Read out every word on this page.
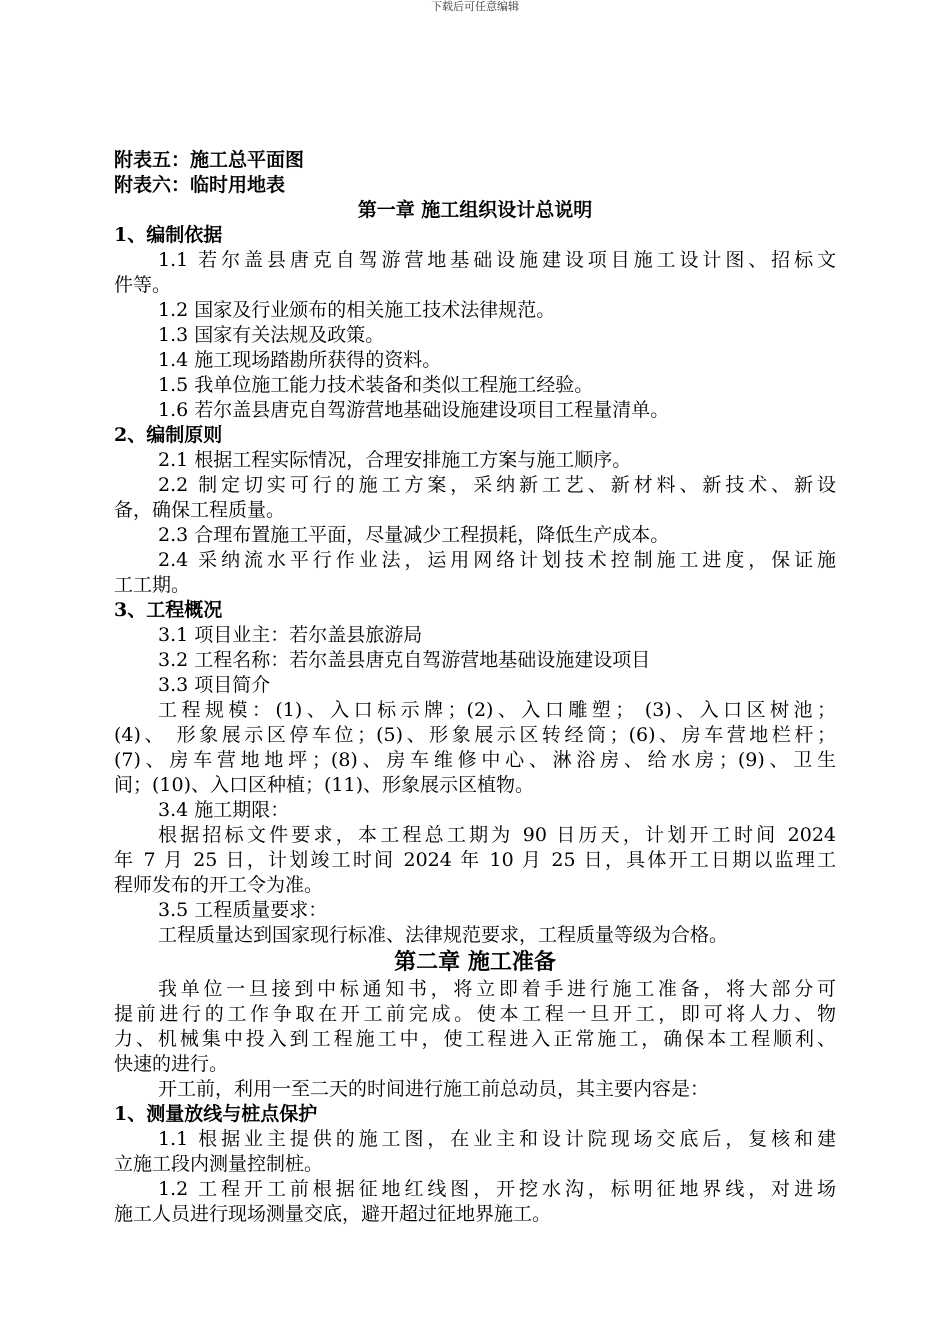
下载后可任意编辑
附表五：施工总平面图
附表六：临时用地表
第一章 施工组织设计总说明
1、编制依据
1.1 若尔盖县唐克自驾游营地基础设施建设项目施工设计图、招标文
件等。
1.2 国家及行业颁布的相关施工技术法律规范。
1.3 国家有关法规及政策。
1.4 施工现场踏勘所获得的资料。
1.5 我单位施工能力技术装备和类似工程施工经验。
1.6 若尔盖县唐克自驾游营地基础设施建设项目工程量清单。
2、编制原则
2.1 根据工程实际情况，合理安排施工方案与施工顺序。
2.2 制定切实可行的施工方案，采纳新工艺、新材料、新技术、新设
备，确保工程质量。
2.3 合理布置施工平面，尽量减少工程损耗，降低生产成本。
2.4 采纳流水平行作业法，运用网络计划技术控制施工进度，保证施
工工期。
3、工程概况
3.1 项目业主：若尔盖县旅游局
3.2 工程名称：若尔盖县唐克自驾游营地基础设施建设项目
3.3 项目简介
工程规模：(1)、入口标示牌；(2)、入口雕塑； (3)、入口区树池；
(4)、 形象展示区停车位；(5)、形象展示区转经筒；(6)、房车营地栏杆；
(7)、房车营地地坪；(8)、房车维修中心、淋浴房、给水房；(9)、卫生
间；(10)、入口区种植；(11)、形象展示区植物。
3.4 施工期限：
根据招标文件要求，本工程总工期为 90 日历天，计划开工时间 2024
年 7 月 25 日，计划竣工时间 2024 年 10 月 25 日，具体开工日期以监理工
程师发布的开工令为准。
3.5 工程质量要求：
工程质量达到国家现行标准、法律规范要求，工程质量等级为合格。
第二章 施工准备
我单位一旦接到中标通知书，将立即着手进行施工准备，将大部分可
提前进行的工作争取在开工前完成。使本工程一旦开工，即可将人力、物
力、机械集中投入到工程施工中，使工程进入正常施工，确保本工程顺利、
快速的进行。
开工前，利用一至二天的时间进行施工前总动员，其主要内容是：
1、测量放线与桩点保护
1.1 根据业主提供的施工图，在业主和设计院现场交底后，复核和建
立施工段内测量控制桩。
1.2 工程开工前根据征地红线图，开挖水沟，标明征地界线，对进场
施工人员进行现场测量交底，避开超过征地界施工。
